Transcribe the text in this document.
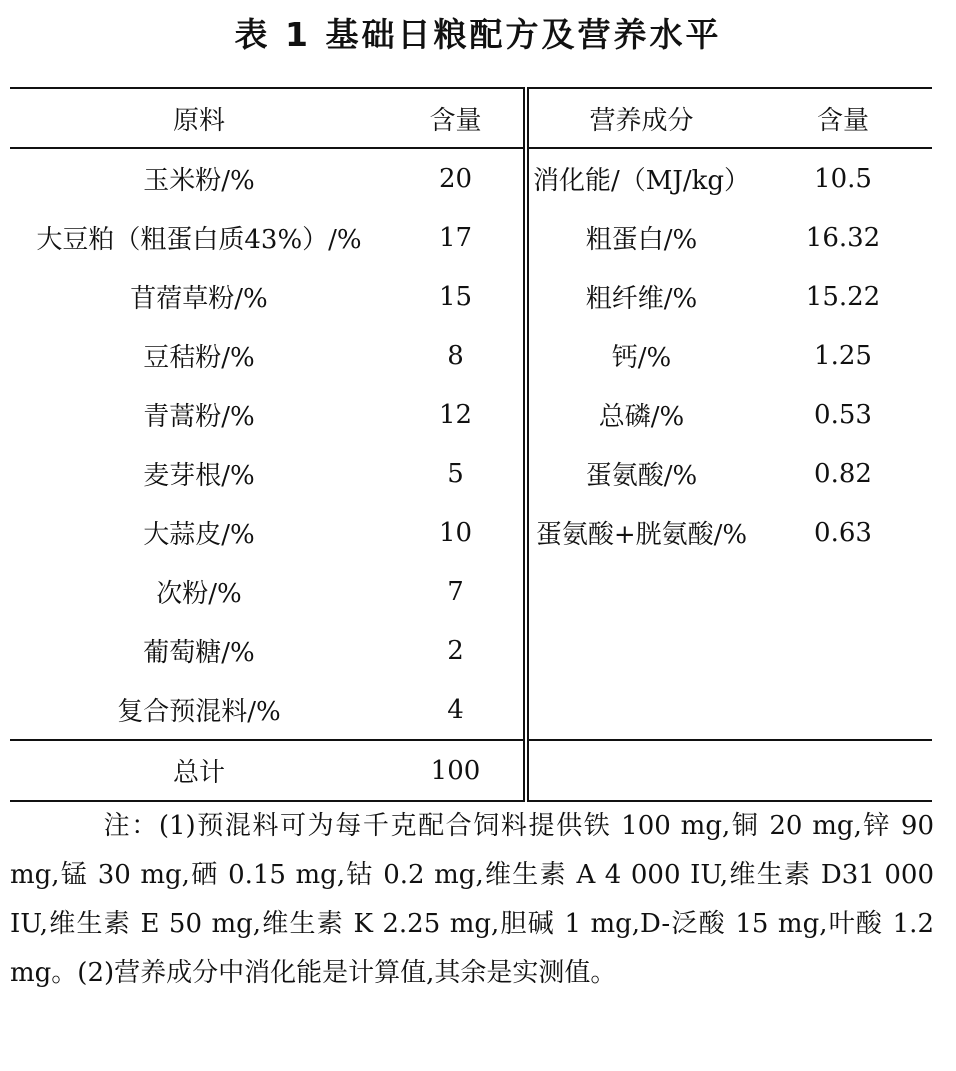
表 1 基础日粮配方及营养水平
原料	含量	营养成分	含量
玉米粉/%	20	消化能/（MJ/kg）	10.5
大豆粕（粗蛋白质43%）/%	17	粗蛋白/%	16.32
苜蓿草粉/%	15	粗纤维/%	15.22
豆秸粉/%	8	钙/%	1.25
青蒿粉/%	12	总磷/%	0.53
麦芽根/%	5	蛋氨酸/%	0.82
大蒜皮/%	10	蛋氨酸+胱氨酸/%	0.63
次粉/%	7		
葡萄糖/%	2		
复合预混料/%	4		
总计	100		
注：(1)预混料可为每千克配合饲料提供铁 100 mg,铜 20 mg,锌 90 mg,锰 30 mg,硒 0.15 mg,钴 0.2 mg,维生素 A 4 000 IU,维生素 D31 000 IU,维生素 E 50 mg,维生素 K 2.25 mg,胆碱 1 mg,D-泛酸 15 mg,叶酸 1.2 mg。(2)营养成分中消化能是计算值,其余是实测值。
